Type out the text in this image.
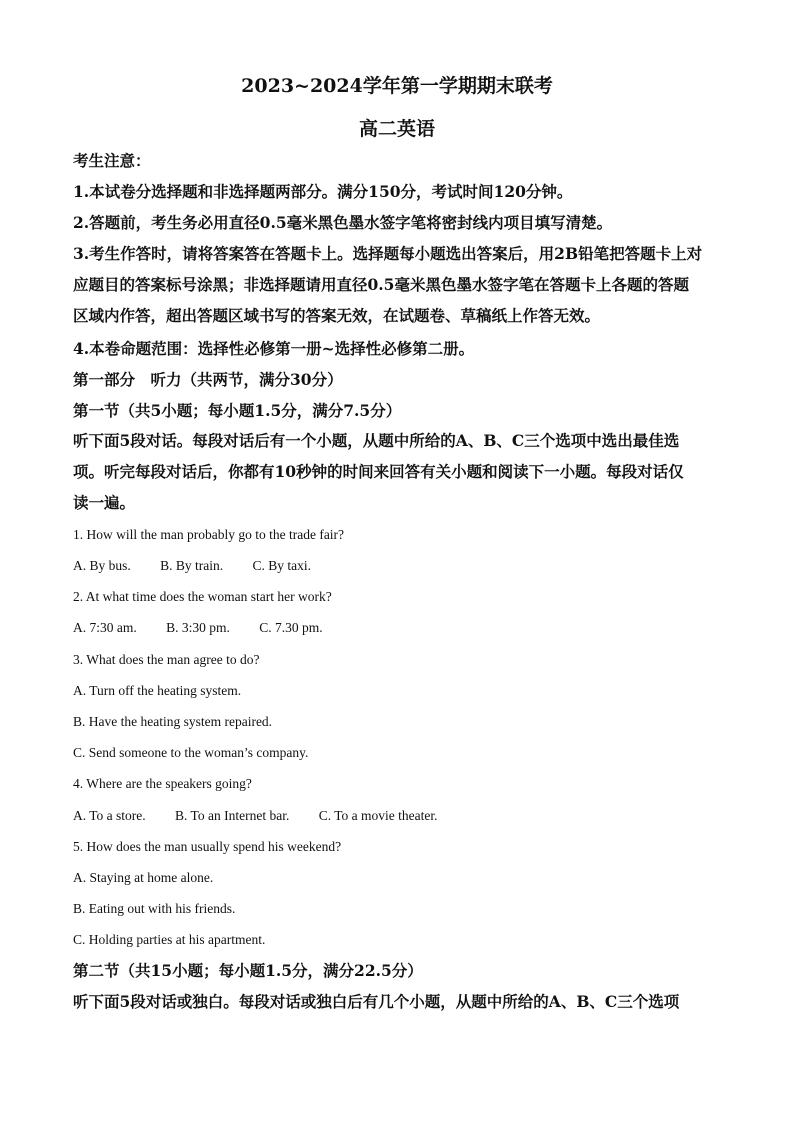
2023~2024学年第一学期期末联考
高二英语
考生注意：
1.本试卷分选择题和非选择题两部分。满分150分，考试时间120分钟。
2.答题前，考生务必用直径0.5毫米黑色墨水签字笔将密封线内项目填写清楚。
3.考生作答时，请将答案答在答题卡上。选择题每小题选出答案后，用2B铅笔把答题卡上对
应题目的答案标号涂黑；非选择题请用直径0.5毫米黑色墨水签字笔在答题卡上各题的答题
区域内作答，超出答题区域书写的答案无效，在试题卷、草稿纸上作答无效。
4.本卷命题范围：选择性必修第一册~选择性必修第二册。
第一部分　听力（共两节，满分30分）
第一节（共5小题；每小题1.5分，满分7.5分）
听下面5段对话。每段对话后有一个小题，从题中所给的A、B、C三个选项中选出最佳选
项。听完每段对话后，你都有10秒钟的时间来回答有关小题和阅读下一小题。每段对话仅
读一遍。
1. How will the man probably go to the trade fair?
A. By bus. B. By train. C. By taxi.
2. At what time does the woman start her work?
A. 7:30 am. B. 3:30 pm. C. 7.30 pm.
3. What does the man agree to do?
A. Turn off the heating system.
B. Have the heating system repaired.
C. Send someone to the woman’s company.
4. Where are the speakers going?
A. To a store. B. To an Internet bar. C. To a movie theater.
5. How does the man usually spend his weekend?
A. Staying at home alone.
B. Eating out with his friends.
C. Holding parties at his apartment.
第二节（共15小题；每小题1.5分，满分22.5分）
听下面5段对话或独白。每段对话或独白后有几个小题，从题中所给的A、B、C三个选项
